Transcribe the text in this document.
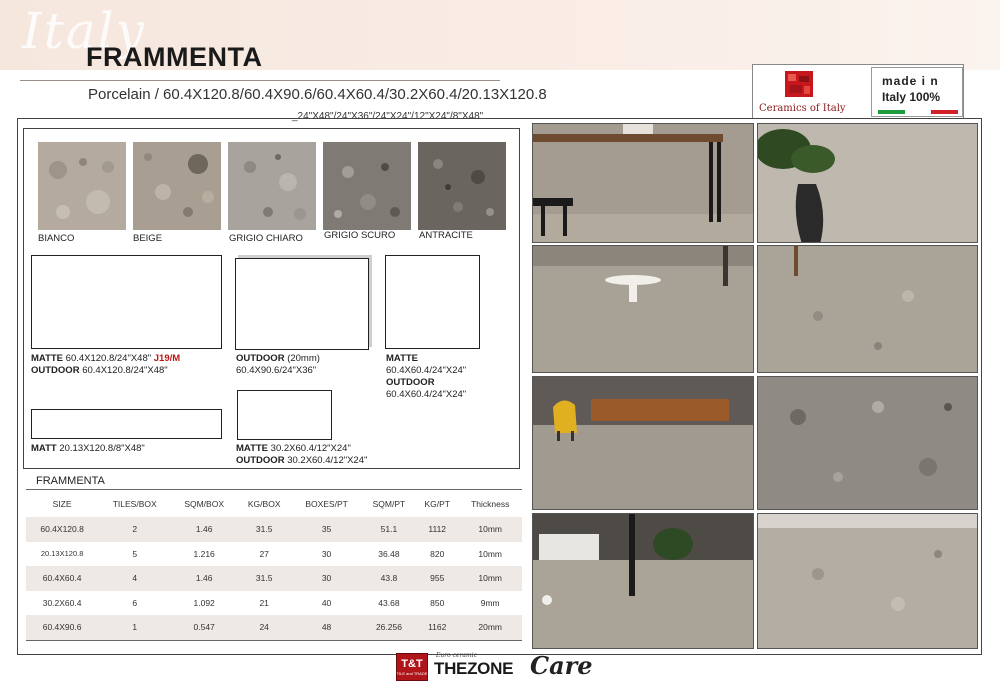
Italy
FRAMMENTA
Porcelain / 60.4X120.8/60.4X90.6/60.4X60.4/30.2X60.4/20.13X120.8
_24"X48"/24"X36"/24"X24"/12"X24"/8"X48"
Ceramics of Italy
made i n
Italy 100%
BIANCO	BEIGE	GRIGIO CHIARO GRIGIO SCURO ANTRACITE
MATTE 60.4X120.8/24"X48" J19/M
OUTDOOR 60.4X120.8/24"X48"
OUTDOOR (20mm)
60.4X90.6/24"X36"
MATTE
60.4X60.4/24"X24"
OUTDOOR
60.4X60.4/24"X24"
MATT 20.13X120.8/8"X48"	MATTE 30.2X60.4/12"X24"
OUTDOOR 30.2X60.4/12"X24"
FRAMMENTA
SIZE	TILES/BOX	SQM/BOX	KG/BOX	BOXES/PT	SQM/PT	KG/PT	Thickness
60.4X120.8	2	1.46	31.5	35	51.1	1112	10mm
20.13X120.8	5	1.216	27	30	36.48	820	10mm
60.4X60.4	4	1.46	31.5	30	43.8	955	10mm
30.2X60.4	6	1.092	21	40	43.68	850	9mm
60.4X90.6	1	0.547	24	48	26.256	1162	20mm
T&T
TILE and TRADE
Euro ceramic
THEZONE Care
